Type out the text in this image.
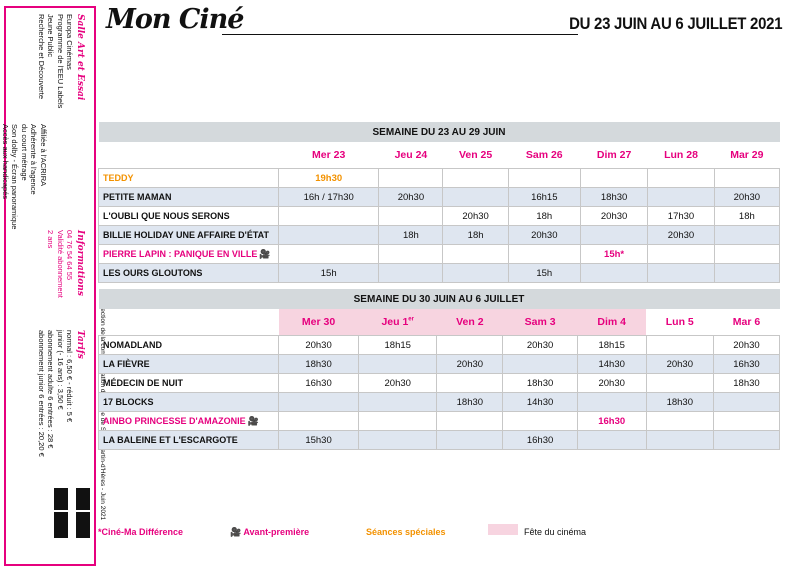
Salle Art et Essai
Europa Cinémas
Programme de l'EEU Labels
Jeune Public
Recherche et Découverte
Affiliée à l'ACRIRA
Adhérente à l'agence
du court métrage
Son dolby - Écran panoramique
Accès aux handicapés
Informations
04 76 54 64 55
Validité abonnement
2 ans
Tarifs
normal : 6,50 € - réduit : 5 €
junior (- 16 ans) : 3,50 €
abonnement adulte 6 entrées : 28 €
abonnement junior 6 entrées : 20,20 €
Mon Ciné	DU 23 JUIN AU 6 JUILLET 2021
SEMAINE DU 23 AU 29 JUIN							
	Mer 23	Jeu 24	Ven 25	Sam 26	Dim 27	Lun 28	Mar 29
TEDDY	19h30						
PETITE MAMAN	16h / 17h30	20h30		16h15	18h30		20h30
L'OUBLI QUE NOUS SERONS			20h30	18h	20h30	17h30	18h
BILLIE HOLIDAY UNE AFFAIRE D'ÉTAT		18h	18h	20h30		20h30	
PIERRE LAPIN : PANIQUE EN VILLE 🎥					15h*		
LES OURS GLOUTONS	15h			15h			
SEMAINE DU 30 JUIN AU 6 JUILLET							
	Mer 30	Jeu 1er	Ven 2	Sam 3	Dim 4	Lun 5	Mar 6
NOMADLAND	20h30	18h15		20h30	18h15		20h30
LA FIÈVRE	18h30		20h30		14h30	20h30	16h30
MÉDECIN DE NUIT	16h30	20h30		18h30	20h30		18h30
17 BLOCKS			18h30	14h30		18h30	
AINBO PRINCESSE D'AMAZONIE 🎥					16h30		
LA BALEINE ET L'ESCARGOTE	15h30			16h30			
*Ciné-Ma Différence	🎥 Avant-première	Séances spéciales	Fête du cinéma
